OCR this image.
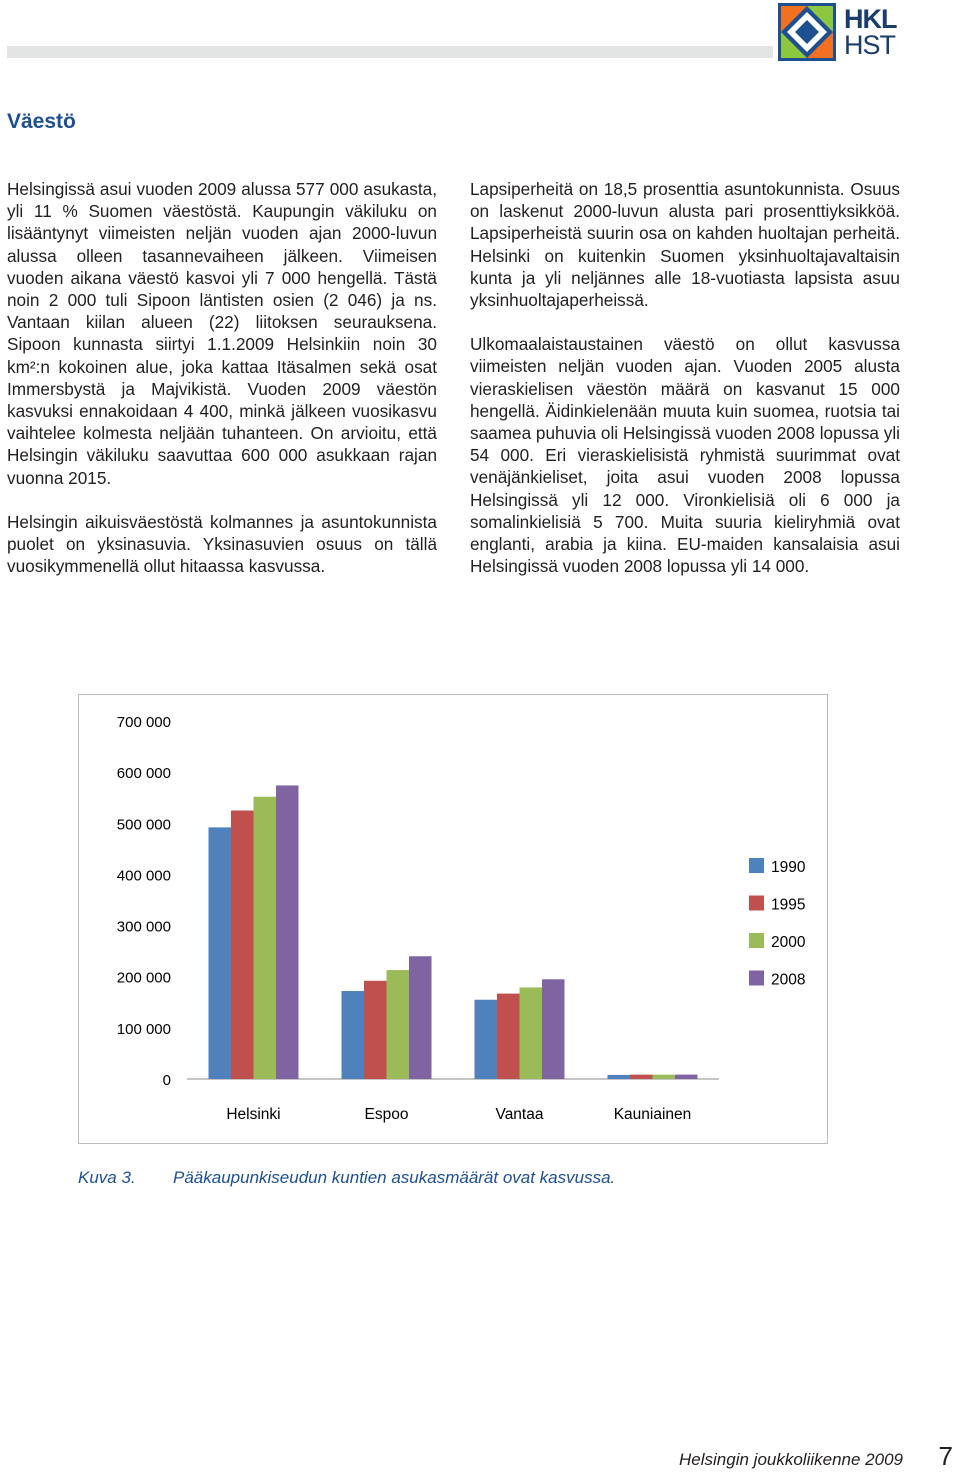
HKL
HST
Väestö

Helsingissä asui vuoden 2009 alussa 577 000 asukasta, yli 11 % Suomen väestöstä. Kaupungin väkiluku on lisääntynyt viimeisten neljän vuoden ajan 2000-luvun alussa olleen tasannevaiheen jälkeen. Viimeisen vuoden aikana väestö kasvoi yli 7 000 hengellä. Tästä noin 2 000 tuli Sipoon läntisten osien (2 046) ja ns. Vantaan kiilan alueen (22) liitoksen seurauksena. Sipoon kunnasta siirtyi 1.1.2009 Helsinkiin noin 30 km²:n kokoinen alue, joka kattaa Itäsalmen sekä osat Immersbystä ja Majvikistä. Vuoden 2009 väestön kasvuksi ennakoidaan 4 400, minkä jälkeen vuosikasvu vaihtelee kolmesta neljään tuhanteen. On arvioitu, että Helsingin väkiluku saavuttaa 600 000 asukkaan rajan vuonna 2015.

Helsingin aikuisväestöstä kolmannes ja asuntokunnista puolet on yksinasuvia. Yksinasuvien osuus on tällä vuosikymmenellä ollut hitaassa kasvussa.

Lapsiperheitä on 18,5 prosenttia asuntokunnista. Osuus on laskenut 2000-luvun alusta pari prosenttiyksikköä. Lapsiperheistä suurin osa on kahden huoltajan perheitä. Helsinki on kuitenkin Suomen yksinhuoltajavaltaisin kunta ja yli neljännes alle 18-vuotiasta lapsista asuu yksinhuoltajaperheissä.

Ulkomaalaistaustainen väestö on ollut kasvussa viimeisten neljän vuoden ajan. Vuoden 2005 alusta vieraskielisen väestön määrä on kasvanut 15 000 hengellä. Äidinkielenään muuta kuin suomea, ruotsia tai saamea puhuvia oli Helsingissä vuoden 2008 lopussa yli 54 000. Eri vieraskielisistä ryhmistä suurimmat ovat venäjänkieliset, joita asui vuoden 2008 lopussa Helsingissä yli 12 000. Vironkielisiä oli 6 000 ja somalinkielisiä 5 700. Muita suuria kieliryhmiä ovat englanti, arabia ja kiina. EU-maiden kansalaisia asui Helsingissä vuoden 2008 lopussa yli 14 000.

0
100 000
200 000
300 000
400 000
500 000
600 000
700 000
Helsinki	Espoo	Vantaa	Kauniainen
1990
1995
2000
2008

Kuva 3. Pääkaupunkiseudun kuntien asukasmäärät ovat kasvussa.

Helsingin joukkoliikenne 2009 7
